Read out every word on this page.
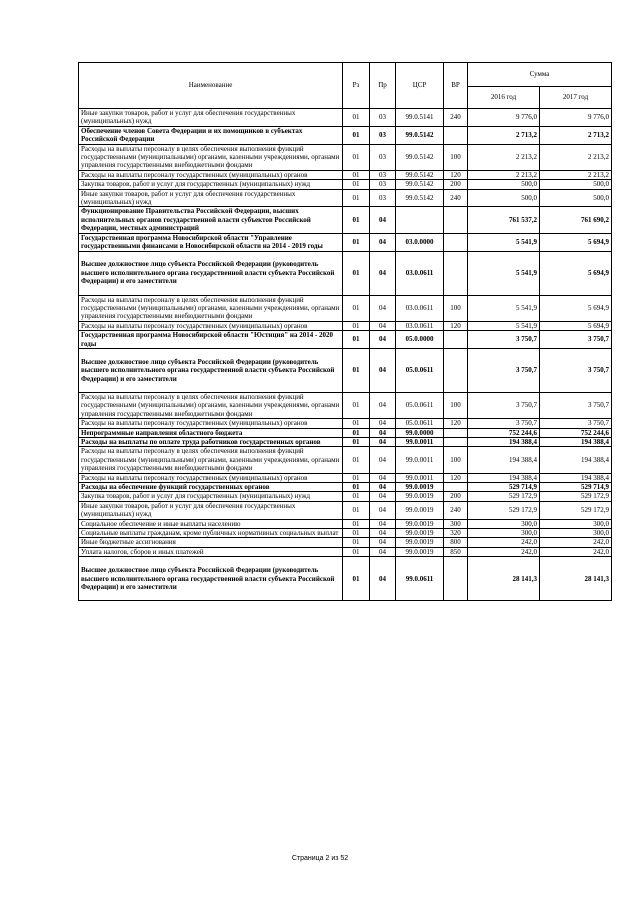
Наименование	Рз	Пр	ЦСР	ВР	Сумма	
					2016 год	2017 год
Иные закупки товаров, работ и услуг для обеспечения государственных (муниципальных) нужд	01	03	99.0.5141	240	9 776,0	9 776,0
Обеспечение членов Совета Федерации и их помощников в субъектах Российской Федерации	01	03	99.0.5142		2 713,2	2 713,2
Расходы на выплаты персоналу в целях обеспечения выполнения функций государственными (муниципальными) органами, казенными учреждениями, органами управления государственными внебюджетными фондами	01	03	99.0.5142	100	2 213,2	2 213,2
Расходы на выплаты персоналу государственных (муниципальных) органов	01	03	99.0.5142	120	2 213,2	2 213,2
Закупка товаров, работ и услуг для государственных (муниципальных) нужд	01	03	99.0.5142	200	500,0	500,0
Иные закупки товаров, работ и услуг для обеспечения государственных (муниципальных) нужд	01	03	99.0.5142	240	500,0	500,0
Функционирование Правительства Российской Федерации, высших исполнительных органов государственной власти субъектов Российской Федерации, местных администраций	01	04			761 537,2	761 690,2
Государственная программа Новосибирской области "Управление государственными финансами в Новосибирской области на 2014 - 2019 годы	01	04	03.0.0000		5 541,9	5 694,9
Высшее должностное лицо субъекта Российской Федерации (руководитель высшего исполнительного органа государственной власти субъекта Российской Федерации) и его заместители	01	04	03.0.0611		5 541,9	5 694,9
Расходы на выплаты персоналу в целях обеспечения выполнения функций государственными (муниципальными) органами, казенными учреждениями, органами управления государственными внебюджетными фондами	01	04	03.0.0611	100	5 541,9	5 694,9
Расходы на выплаты персоналу государственных (муниципальных) органов	01	04	03.0.0611	120	5 541,9	5 694,9
Государственная программа Новосибирской области "Юстиция" на 2014 - 2020 годы	01	04	05.0.0000		3 750,7	3 750,7
Высшее должностное лицо субъекта Российской Федерации (руководитель высшего исполнительного органа государственной власти субъекта Российской Федерации) и его заместители	01	04	05.0.0611		3 750,7	3 750,7
Расходы на выплаты персоналу в целях обеспечения выполнения функций государственными (муниципальными) органами, казенными учреждениями, органами управления государственными внебюджетными фондами	01	04	05.0.0611	100	3 750,7	3 750,7
Расходы на выплаты персоналу государственных (муниципальных) органов	01	04	05.0.0611	120	3 750,7	3 750,7
Непрограммные направления областного бюджета	01	04	99.0.0000		752 244,6	752 244,6
Расходы на выплаты по оплате труда работников государственных органов	01	04	99.0.0011		194 388,4	194 388,4
Расходы на выплаты персоналу в целях обеспечения выполнения функций государственными (муниципальными) органами, казенными учреждениями, органами управления государственными внебюджетными фондами	01	04	99.0.0011	100	194 388,4	194 388,4
Расходы на выплаты персоналу государственных (муниципальных) органов	01	04	99.0.0011	120	194 388,4	194 388,4
Расходы на обеспечение функций государственных органов	01	04	99.0.0019		529 714,9	529 714,9
Закупка товаров, работ и услуг для государственных (муниципальных) нужд	01	04	99.0.0019	200	529 172,9	529 172,9
Иные закупки товаров, работ и услуг для обеспечения государственных (муниципальных) нужд	01	04	99.0.0019	240	529 172,9	529 172,9
Социальное обеспечение и иные выплаты населению	01	04	99.0.0019	300	300,0	300,0
Социальные выплаты гражданам, кроме публичных нормативных социальных выплат	01	04	99.0.0019	320	300,0	300,0
Иные бюджетные ассигнования	01	04	99.0.0019	800	242,0	242,0
Уплата налогов, сборов и иных платежей	01	04	99.0.0019	850	242,0	242,0
Высшее должностное лицо субъекта Российской Федерации (руководитель высшего исполнительного органа государственной власти субъекта Российской Федерации) и его заместители	01	04	99.0.0611		28 141,3	28 141,3
Страница 2 из 52
